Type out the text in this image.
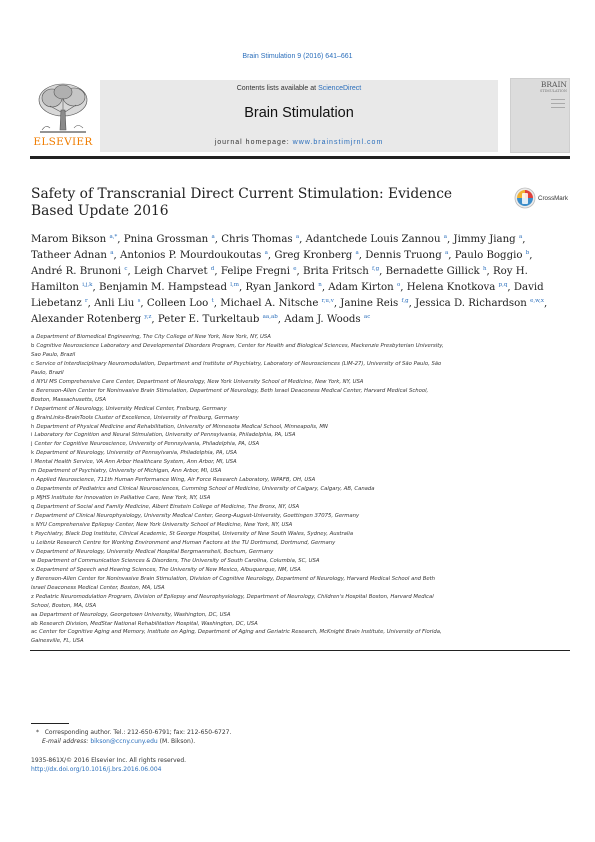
Brain Stimulation 9 (2016) 641–661
ELSEVIER
Contents lists available at ScienceDirect
Brain Stimulation
journal homepage: www.brainstimjrnl.com
BRAIN
STIMULATION
Safety of Transcranial Direct Current Stimulation: Evidence Based Update 2016
CrossMark

Marom Bikson $^{a,*}$, Pnina Grossman $^a$, Chris Thomas $^a$, Adantchede Louis Zannou $^a$, Jimmy Jiang $^a$, Tatheer Adnan $^a$, Antonios P. Mourdoukoutas $^a$, Greg Kronberg $^a$, Dennis Truong $^a$, Paulo Boggio $^b$, André R. Brunoni $^c$, Leigh Charvet $^d$, Felipe Fregni $^e$, Brita Fritsch $^{f,g}$, Bernadette Gillick $^h$, Roy H. Hamilton $^{i,j,k}$, Benjamin M. Hampstead $^{l,m}$, Ryan Jankord $^n$, Adam Kirton $^o$, Helena Knotkova $^{p,q}$, David Liebetanz $^r$, Anli Liu $^s$, Colleen Loo $^t$, Michael A. Nitsche $^{r,u,v}$, Janine Reis $^{f,g}$, Jessica D. Richardson $^{e,w,x}$, Alexander Rotenberg $^{y,z}$, Peter E. Turkeltaub $^{aa,ab}$, Adam J. Woods $^{ac}$

a Department of Biomedical Engineering, The City College of New York, New York, NY, USA
b Cognitive Neuroscience Laboratory and Developmental Disorders Program, Center for Health and Biological Sciences, Mackenzie Presbyterian University,
Sao Paulo, Brazil
c Service of Interdisciplinary Neuromodulation, Department and Institute of Psychiatry, Laboratory of Neurosciences (LIM-27), University of São Paulo, São
Paulo, Brazil
d NYU MS Comprehensive Care Center, Department of Neurology, New York University School of Medicine, New York, NY, USA
e Berenson-Allen Center for Noninvasive Brain Stimulation, Department of Neurology, Beth Israel Deaconess Medical Center, Harvard Medical School,
Boston, Massachusetts, USA
f Department of Neurology, University Medical Center, Freiburg, Germany
g BrainLinks-BrainTools Cluster of Excellence, University of Freiburg, Germany
h Department of Physical Medicine and Rehabilitation, University of Minnesota Medical School, Minneapolis, MN
i Laboratory for Cognition and Neural Stimulation, University of Pennsylvania, Philadelphia, PA, USA
j Center for Cognitive Neuroscience, University of Pennsylvania, Philadelphia, PA, USA
k Department of Neurology, University of Pennsylvania, Philadelphia, PA, USA
l Mental Health Service, VA Ann Arbor Healthcare System, Ann Arbor, MI, USA
m Department of Psychiatry, University of Michigan, Ann Arbor, MI, USA
n Applied Neuroscience, 711th Human Performance Wing, Air Force Research Laboratory, WPAFB, OH, USA
o Departments of Pediatrics and Clinical Neurosciences, Cumming School of Medicine, University of Calgary, Calgary, AB, Canada
p MJHS Institute for Innovation in Palliative Care, New York, NY, USA
q Department of Social and Family Medicine, Albert Einstein College of Medicine, The Bronx, NY, USA
r Department of Clinical Neurophysiology, University Medical Center, Georg-August-University, Goettingen 37075, Germany
s NYU Comprehensive Epilepsy Center, New York University School of Medicine, New York, NY, USA
t Psychiatry, Black Dog Institute, Clinical Academic, St George Hospital, University of New South Wales, Sydney, Australia
u Leibniz Research Centre for Working Environment and Human Factors at the TU Dortmund, Dortmund, Germany
v Department of Neurology, University Medical Hospital Bergmannsheil, Bochum, Germany
w Department of Communication Sciences & Disorders, The University of South Carolina, Columbia, SC, USA
x Department of Speech and Hearing Sciences, The University of New Mexico, Albuquerque, NM, USA
y Berenson-Allen Center for Noninvasive Brain Stimulation, Division of Cognitive Neurology, Department of Neurology, Harvard Medical School and Beth
Israel Deaconess Medical Center, Boston, MA, USA
z Pediatric Neuromodulation Program, Division of Epilepsy and Neurophysiology, Department of Neurology, Children's Hospital Boston, Harvard Medical
School, Boston, MA, USA
aa Department of Neurology, Georgetown University, Washington, DC, USA
ab Research Division, MedStar National Rehabilitation Hospital, Washington, DC, USA
ac Center for Cognitive Aging and Memory, Institute on Aging, Department of Aging and Geriatric Research, McKnight Brain Institute, University of Florida,
Gainesville, FL, USA
* Corresponding author. Tel.: 212-650-6791; fax: 212-650-6727.
E-mail address: bikson@ccny.cuny.edu (M. Bikson).
1935-861X/© 2016 Elsevier Inc. All rights reserved.
http://dx.doi.org/10.1016/j.brs.2016.06.004
